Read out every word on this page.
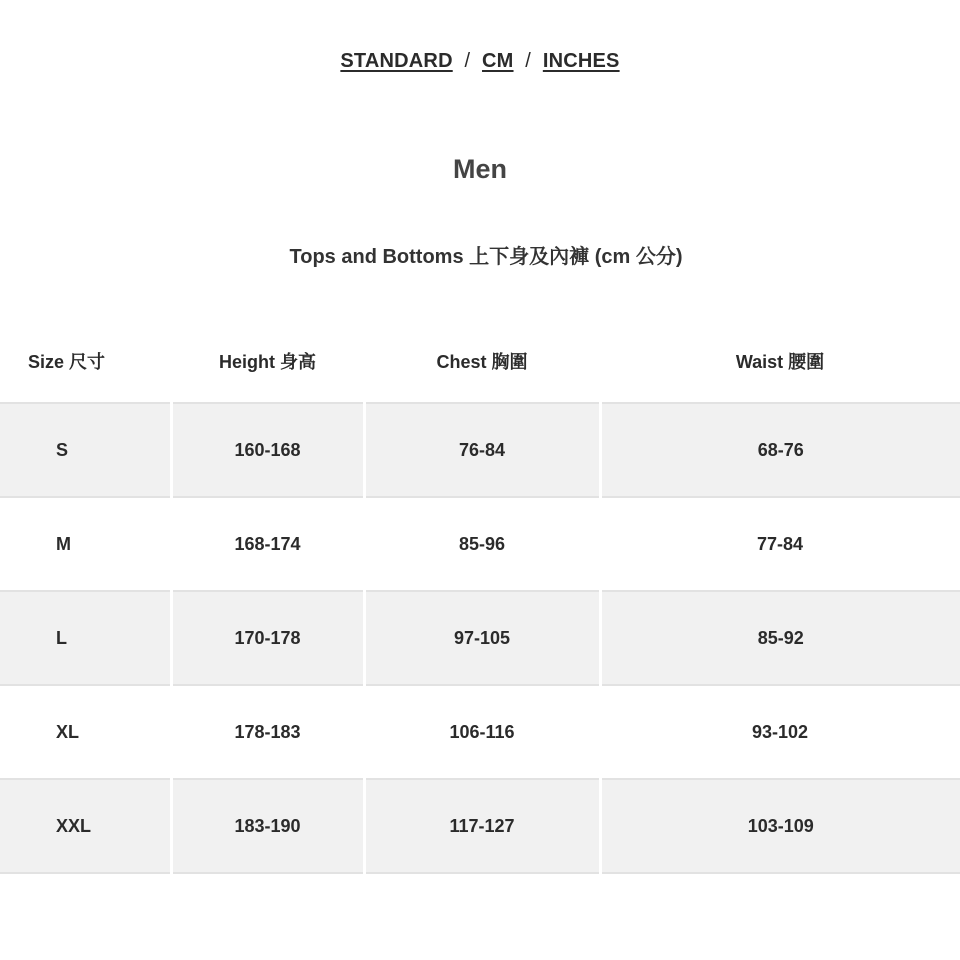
STANDARD / CM / INCHES
Men
Tops and Bottoms 上下身及內褲 (cm 公分)
Size 尺寸	Height 身高	Chest 胸圍	Waist 腰圍
S	160-168	76-84	68-76
M	168-174	85-96	77-84
L	170-178	97-105	85-92
XL	178-183	106-116	93-102
XXL	183-190	117-127	103-109
